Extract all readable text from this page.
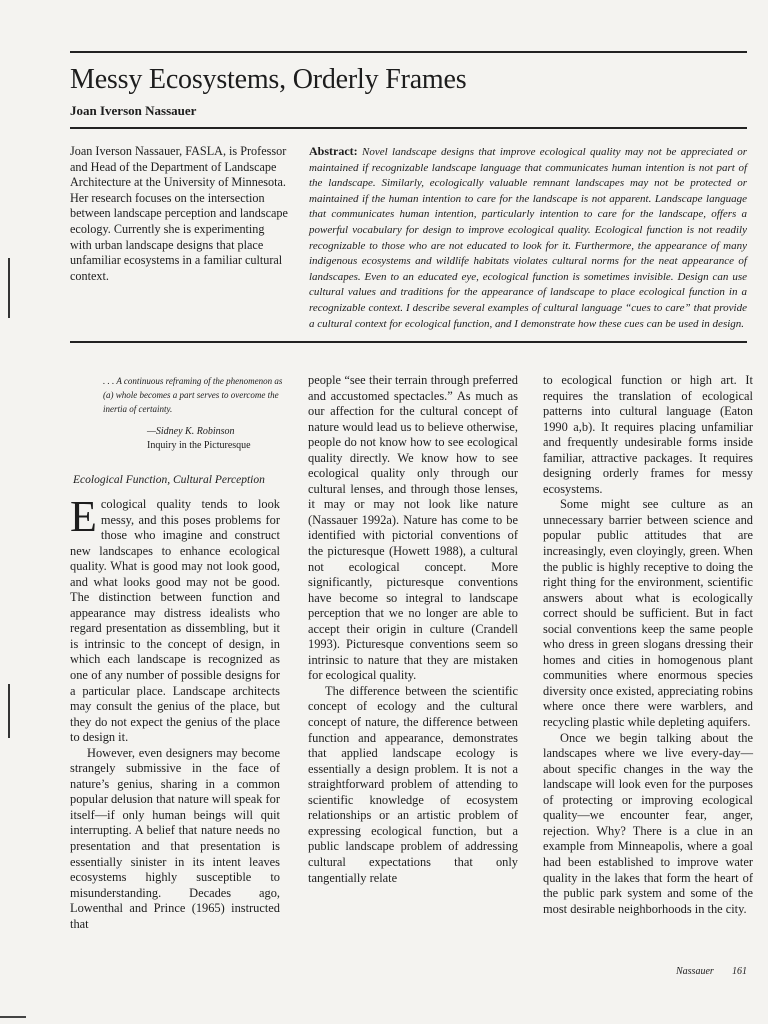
Messy Ecosystems, Orderly Frames
Joan Iverson Nassauer

Joan Iverson Nassauer, FASLA, is Professor and Head of the Department of Landscape Architecture at the University of Minnesota. Her research focuses on the intersection between landscape perception and landscape ecology. Currently she is experimenting with urban landscape designs that place unfamiliar ecosystems in a familiar cultural context.

Abstract: Novel landscape designs that improve ecological quality may not be appreciated or maintained if recognizable landscape language that communicates human intention is not part of the landscape. Similarly, ecologically valuable remnant landscapes may not be protected or maintained if the human intention to care for the landscape is not apparent. Landscape language that communicates human intention, particularly intention to care for the landscape, offers a powerful vocabulary for design to improve ecological quality. Ecological function is not readily recognizable to those who are not educated to look for it. Furthermore, the appearance of many indigenous ecosystems and wildlife habitats violates cultural norms for the neat appearance of landscapes. Even to an educated eye, ecological function is sometimes invisible. Design can use cultural values and traditions for the appearance of landscape to place ecological function in a recognizable context. I describe several examples of cultural language “cues to care” that provide a cultural context for ecological function, and I demonstrate how these cues can be used in design.

. . . A continuous reframing of the phenomenon as (a) whole becomes a part serves to overcome the inertia of certainty.
—Sidney K. Robinson
Inquiry in the Picturesque
Ecological Function, Cultural Perception

Ecological quality tends to look messy, and this poses problems for those who imagine and construct new landscapes to enhance ecological quality. What is good may not look good, and what looks good may not be good. The distinction between function and appearance may distress idealists who regard presentation as dissembling, but it is intrinsic to the concept of design, in which each landscape is recognized as one of any number of possible designs for a particular place. Landscape architects may consult the genius of the place, but they do not expect the genius of the place to design it.

However, even designers may become strangely submissive in the face of nature’s genius, sharing in a common popular delusion that nature will speak for itself—if only human beings will quit interrupting. A belief that nature needs no presentation and that presentation is essentially sinister in its intent leaves ecosystems highly susceptible to misunderstanding. Decades ago, Lowenthal and Prince (1965) instructed that

people “see their terrain through preferred and accustomed spectacles.” As much as our affection for the cultural concept of nature would lead us to believe otherwise, people do not know how to see ecological quality directly. We know how to see ecological quality only through our cultural lenses, and through those lenses, it may or may not look like nature (Nassauer 1992a). Nature has come to be identified with pictorial conventions of the picturesque (Howett 1988), a cultural not ecological concept. More significantly, picturesque conventions have become so integral to landscape perception that we no longer are able to accept their origin in culture (Crandell 1993). Picturesque conventions seem so intrinsic to nature that they are mistaken for ecological quality.

The difference between the scientific concept of ecology and the cultural concept of nature, the difference between function and appearance, demonstrates that applied landscape ecology is essentially a design problem. It is not a straightforward problem of attending to scientific knowledge of ecosystem relationships or an artistic problem of expressing ecological function, but a public landscape problem of addressing cultural expectations that only tangentially relate

to ecological function or high art. It requires the translation of ecological patterns into cultural language (Eaton 1990 a,b). It requires placing unfamiliar and frequently undesirable forms inside familiar, attractive packages. It requires designing orderly frames for messy ecosystems.

Some might see culture as an unnecessary barrier between science and popular public attitudes that are increasingly, even cloyingly, green. When the public is highly receptive to doing the right thing for the environment, scientific answers about what is ecologically correct should be sufficient. But in fact social conventions keep the same people who dress in green slogans dressing their homes and cities in homogenous plant communities where enormous species diversity once existed, appreciating robins where once there were warblers, and recycling plastic while depleting aquifers.

Once we begin talking about the landscapes where we live every-day—about specific changes in the way the landscape will look even for the purposes of protecting or improving ecological quality—we encounter fear, anger, rejection. Why? There is a clue in an example from Minneapolis, where a goal had been established to improve water quality in the lakes that form the heart of the public park system and some of the most desirable neighborhoods in the city.

Nassauer 161
